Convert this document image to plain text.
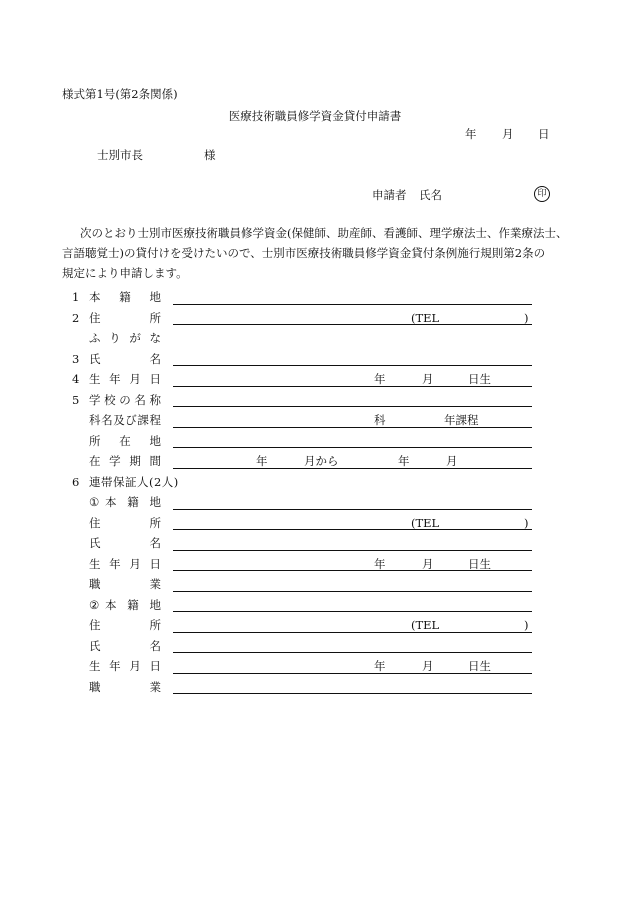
様式第1号(第2条関係)
医療技術職員修学資金貸付申請書
年 月 日
士別市長	様
申請者 氏名	印

次のとおり士別市医療技術職員修学資金(保健師、助産師、看護師、理学療法士、作業療法士、

言語聴覚士)の貸付けを受けたいので、士別市医療技術職員修学資金貸付条例施行規則第2条の

規定により申請します。

1 本　籍　地
2 住　　　所	(TEL	)
ふ り が な
3 氏　　　名
4 生 年 月 日	年	月	日生
5 学校の名称
科名及び課程	科	年課程
所　在　地
在 学 期 間	年	月から	年	月
6 連帯保証人(2人)
① 本 籍 地
住　　　所	(TEL	)
氏　　　名
生 年 月 日	年	月	日生
職　　　業
② 本 籍 地
住　　　所	(TEL	)
氏　　　名
生 年 月 日	年	月	日生
職　　　業
